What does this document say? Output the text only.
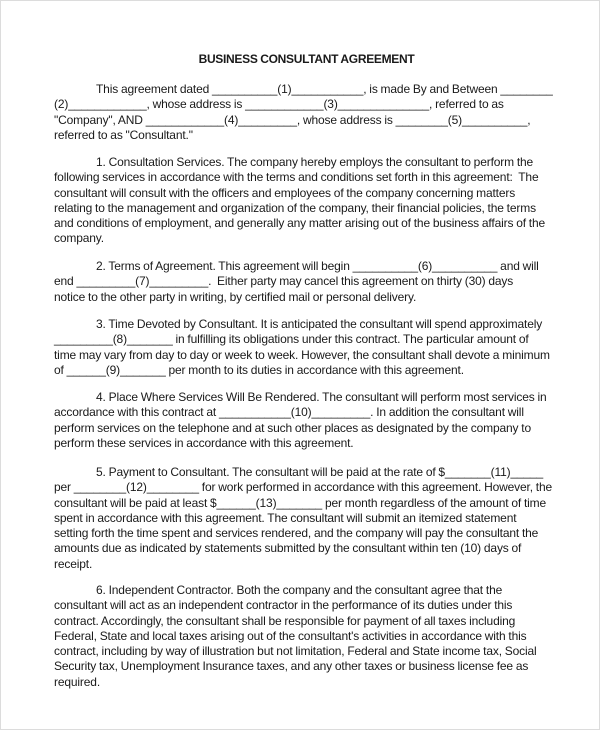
BUSINESS CONSULTANT AGREEMENT
This agreement dated __________(1)___________, is made By and Between ________
(2)____________, whose address is ____________(3)______________, referred to as
"Company", AND ____________(4)_________, whose address is ________(5)__________,
referred to as "Consultant."
1. Consultation Services. The company hereby employs the consultant to perform the
following services in accordance with the terms and conditions set forth in this agreement:  The
consultant will consult with the officers and employees of the company concerning matters
relating to the management and organization of the company, their financial policies, the terms
and conditions of employment, and generally any matter arising out of the business affairs of the
company.
2. Terms of Agreement. This agreement will begin __________(6)__________ and will
end _________(7)_________.  Either party may cancel this agreement on thirty (30) days
notice to the other party in writing, by certified mail or personal delivery.
3. Time Devoted by Consultant. It is anticipated the consultant will spend approximately
_________(8)_______ in fulfilling its obligations under this contract. The particular amount of
time may vary from day to day or week to week. However, the consultant shall devote a minimum
of ______(9)_______ per month to its duties in accordance with this agreement.
4. Place Where Services Will Be Rendered. The consultant will perform most services in
accordance with this contract at ___________(10)_________. In addition the consultant will
perform services on the telephone and at such other places as designated by the company to
perform these services in accordance with this agreement.
5. Payment to Consultant. The consultant will be paid at the rate of $_______(11)_____
per ________(12)________ for work performed in accordance with this agreement. However, the
consultant will be paid at least $______(13)_______ per month regardless of the amount of time
spent in accordance with this agreement. The consultant will submit an itemized statement
setting forth the time spent and services rendered, and the company will pay the consultant the
amounts due as indicated by statements submitted by the consultant within ten (10) days of
receipt.
6. Independent Contractor. Both the company and the consultant agree that the
consultant will act as an independent contractor in the performance of its duties under this
contract. Accordingly, the consultant shall be responsible for payment of all taxes including
Federal, State and local taxes arising out of the consultant's activities in accordance with this
contract, including by way of illustration but not limitation, Federal and State income tax, Social
Security tax, Unemployment Insurance taxes, and any other taxes or business license fee as
required.
